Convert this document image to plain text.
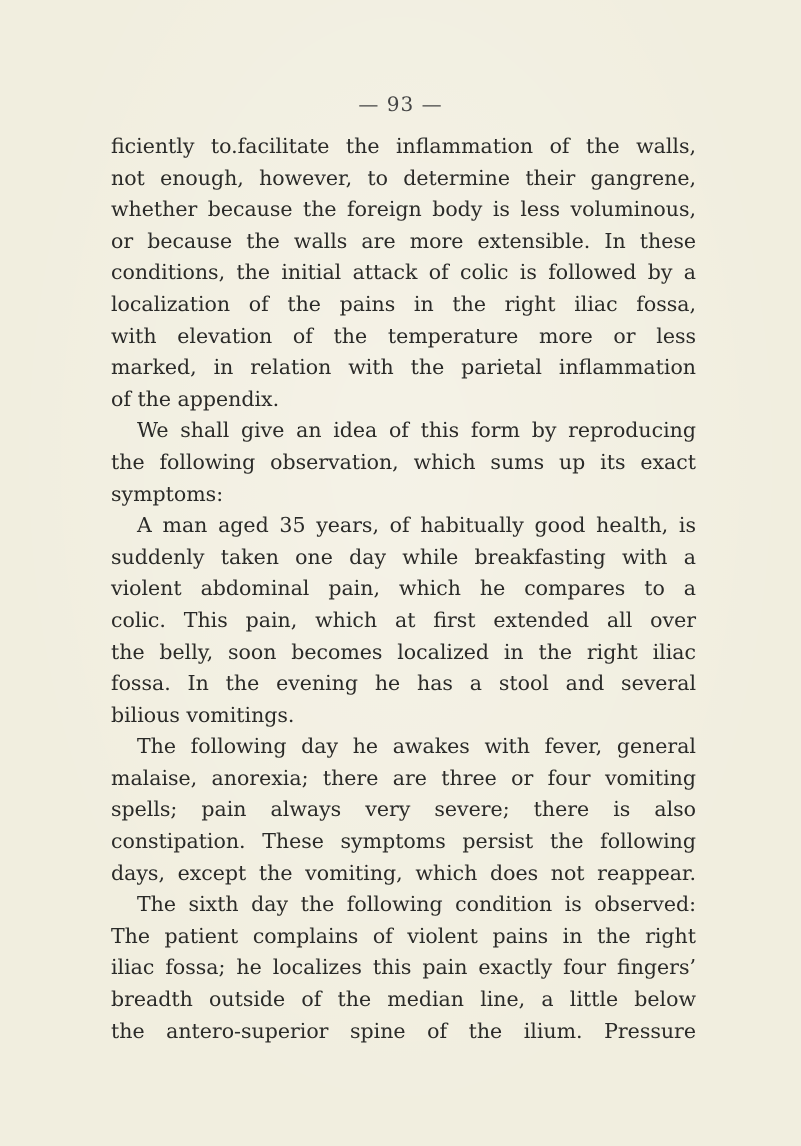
— 93 —
ficiently to.facilitate the inflammation of the walls,
not enough, however, to determine their gangrene,
whether because the foreign body is less voluminous,
or because the walls are more extensible. In these
conditions, the initial attack of colic is followed by a
localization of the pains in the right iliac fossa,
with elevation of the temperature more or less
marked, in relation with the parietal inflammation
of the appendix.
We shall give an idea of this form by reproducing
the following observation, which sums up its exact
symptoms:
A man aged 35 years, of habitually good health, is
suddenly taken one day while breakfasting with a
violent abdominal pain, which he compares to a
colic. This pain, which at first extended all over
the belly, soon becomes localized in the right iliac
fossa. In the evening he has a stool and several
bilious vomitings.
The following day he awakes with fever, general
malaise, anorexia; there are three or four vomiting
spells; pain always very severe; there is also
constipation. These symptoms persist the following
days, except the vomiting, which does not reappear.
The sixth day the following condition is observed:
The patient complains of violent pains in the right
iliac fossa; he localizes this pain exactly four fingers’
breadth outside of the median line, a little below
the antero-superior spine of the ilium. Pressure
